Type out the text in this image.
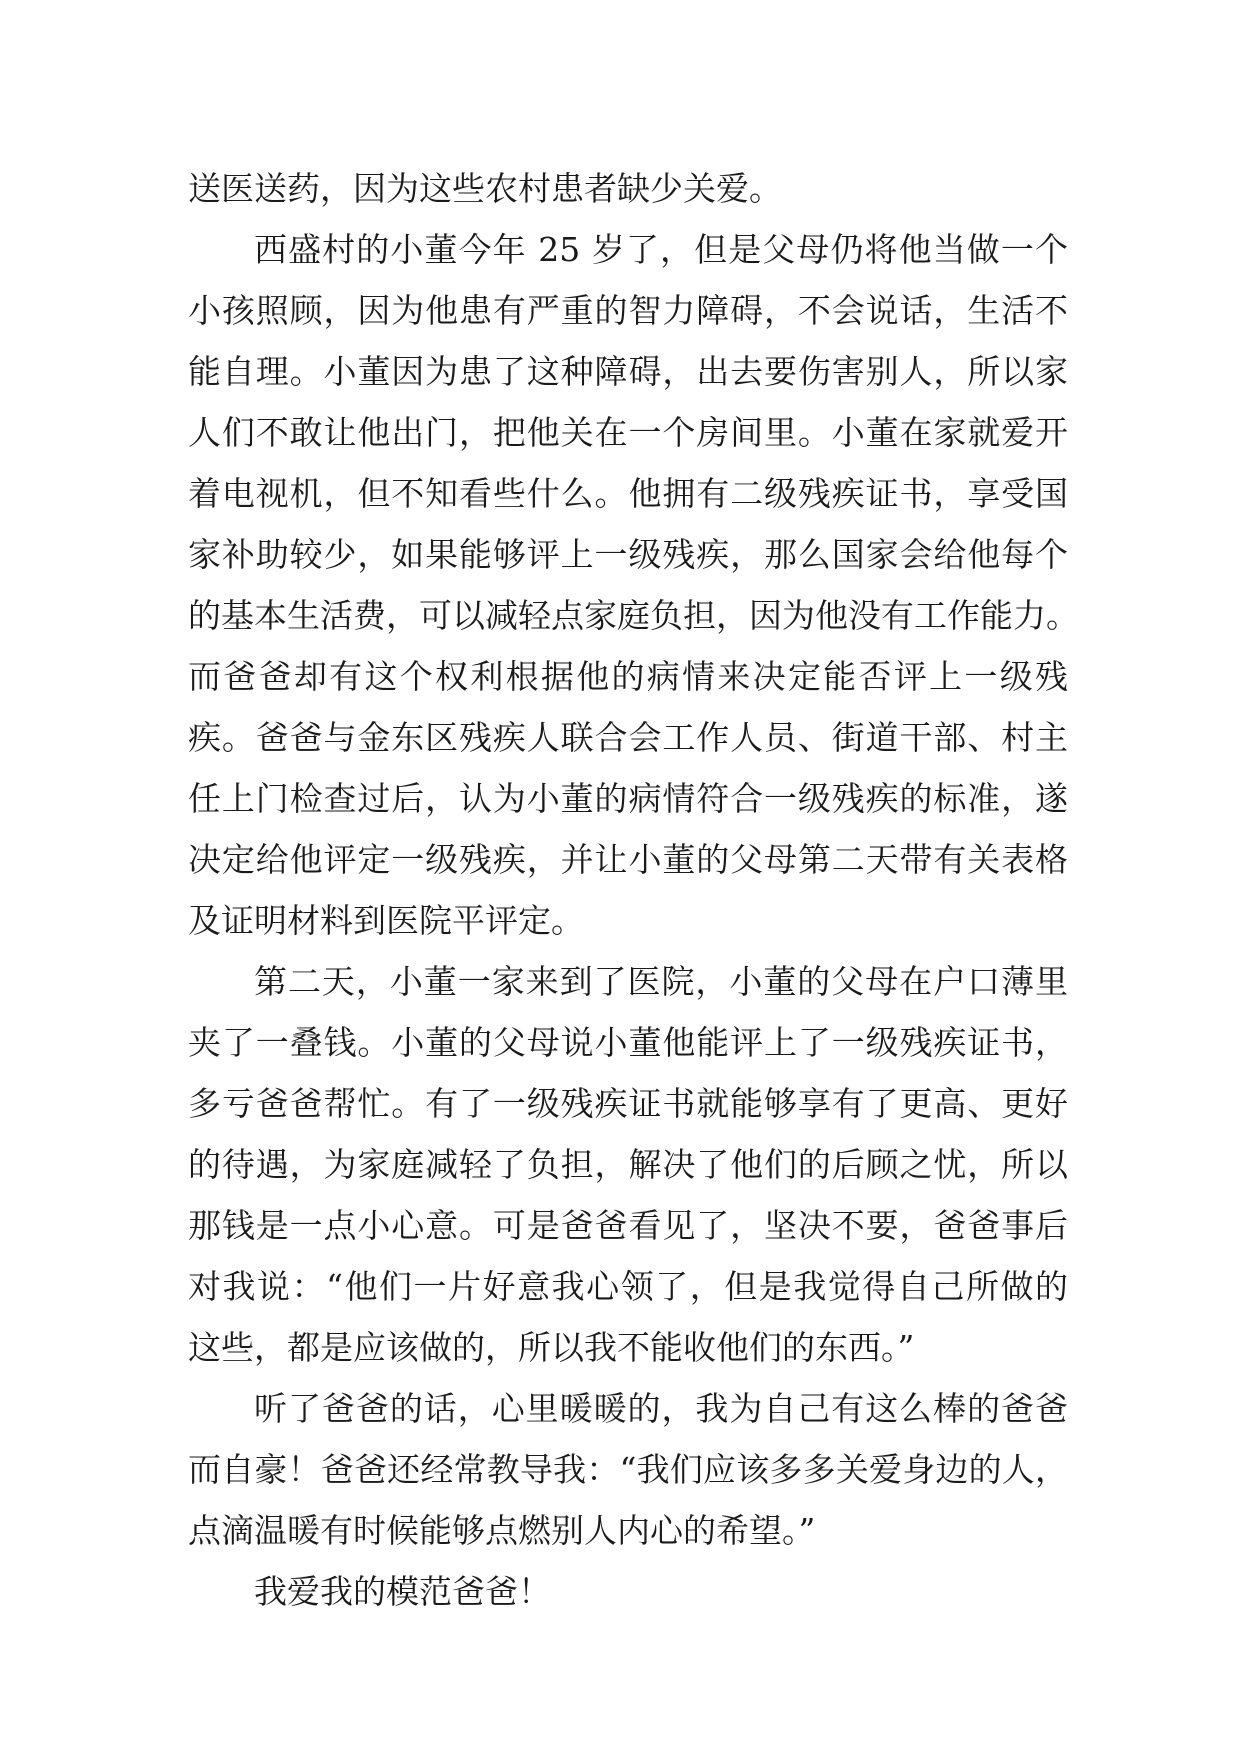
送医送药，因为这些农村患者缺少关爱。
西盛村的小董今年 25 岁了，但是父母仍将他当做一个
小孩照顾，因为他患有严重的智力障碍，不会说话，生活不
能自理。小董因为患了这种障碍，出去要伤害别人，所以家
人们不敢让他出门，把他关在一个房间里。小董在家就爱开
着电视机，但不知看些什么。他拥有二级残疾证书，享受国
家补助较少，如果能够评上一级残疾，那么国家会给他每个
的基本生活费，可以减轻点家庭负担，因为他没有工作能力。
而爸爸却有这个权利根据他的病情来决定能否评上一级残
疾。爸爸与金东区残疾人联合会工作人员、街道干部、村主
任上门检查过后，认为小董的病情符合一级残疾的标准，遂
决定给他评定一级残疾，并让小董的父母第二天带有关表格
及证明材料到医院平评定。
第二天，小董一家来到了医院，小董的父母在户口薄里
夹了一叠钱。小董的父母说小董他能评上了一级残疾证书，
多亏爸爸帮忙。有了一级残疾证书就能够享有了更高、更好
的待遇，为家庭减轻了负担，解决了他们的后顾之忧，所以
那钱是一点小心意。可是爸爸看见了，坚决不要，爸爸事后
对我说：“他们一片好意我心领了，但是我觉得自己所做的
这些，都是应该做的，所以我不能收他们的东西。”
听了爸爸的话，心里暖暖的，我为自己有这么棒的爸爸
而自豪！爸爸还经常教导我：“我们应该多多关爱身边的人，
点滴温暖有时候能够点燃别人内心的希望。”
我爱我的模范爸爸！
